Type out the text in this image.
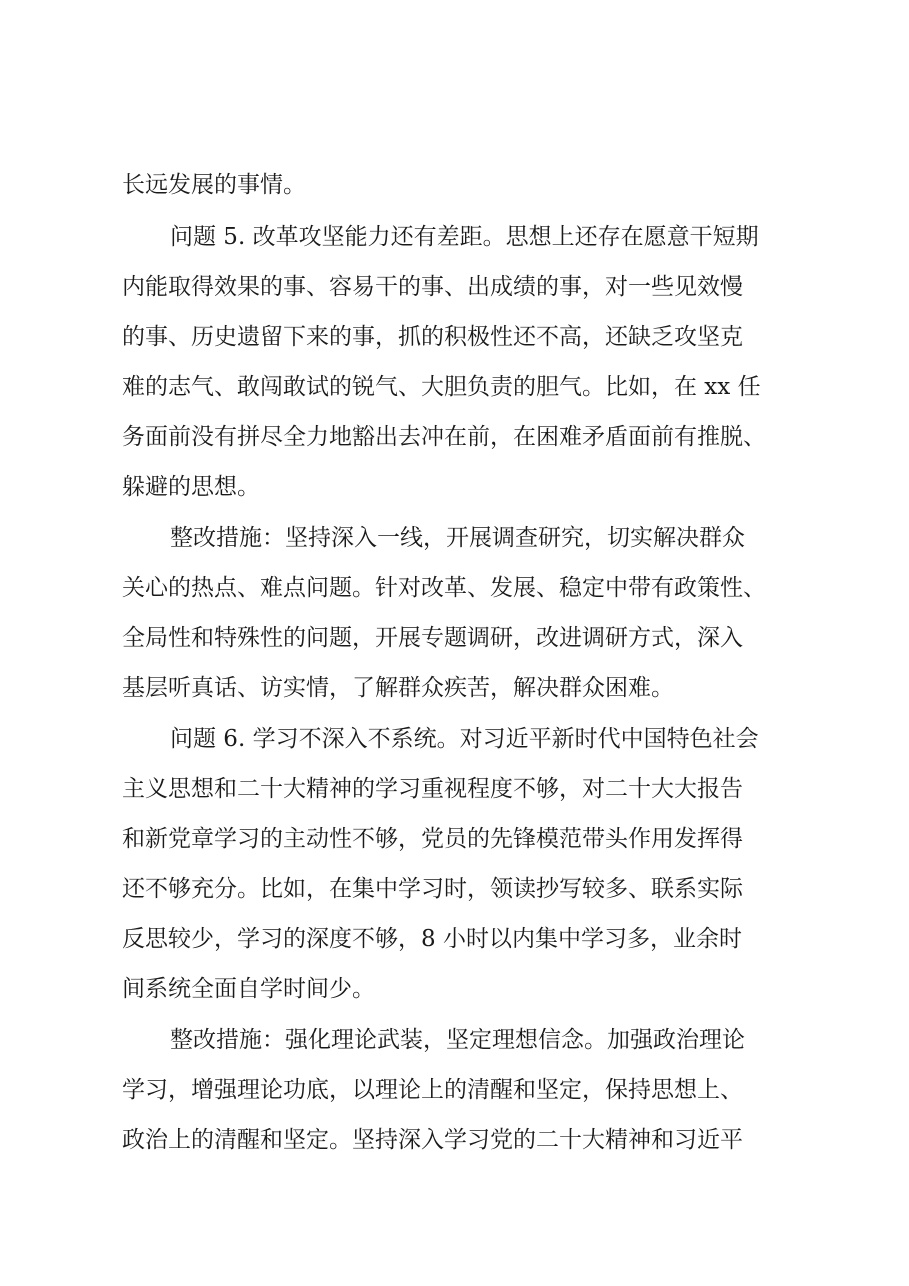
长远发展的事情。
问题 5. 改革攻坚能力还有差距。思想上还存在愿意干短期
内能取得效果的事、容易干的事、出成绩的事，对一些见效慢
的事、历史遗留下来的事，抓的积极性还不高，还缺乏攻坚克
难的志气、敢闯敢试的锐气、大胆负责的胆气。比如，在 xx 任
务面前没有拼尽全力地豁出去冲在前，在困难矛盾面前有推脱、
躲避的思想。
整改措施：坚持深入一线，开展调查研究，切实解决群众
关心的热点、难点问题。针对改革、发展、稳定中带有政策性、
全局性和特殊性的问题，开展专题调研，改进调研方式，深入
基层听真话、访实情，了解群众疾苦，解决群众困难。
问题 6. 学习不深入不系统。对习近平新时代中国特色社会
主义思想和二十大精神的学习重视程度不够，对二十大大报告
和新党章学习的主动性不够，党员的先锋模范带头作用发挥得
还不够充分。比如，在集中学习时，领读抄写较多、联系实际
反思较少，学习的深度不够，8 小时以内集中学习多，业余时
间系统全面自学时间少。
整改措施：强化理论武装，坚定理想信念。加强政治理论
学习，增强理论功底，以理论上的清醒和坚定，保持思想上、
政治上的清醒和坚定。坚持深入学习党的二十大精神和习近平
